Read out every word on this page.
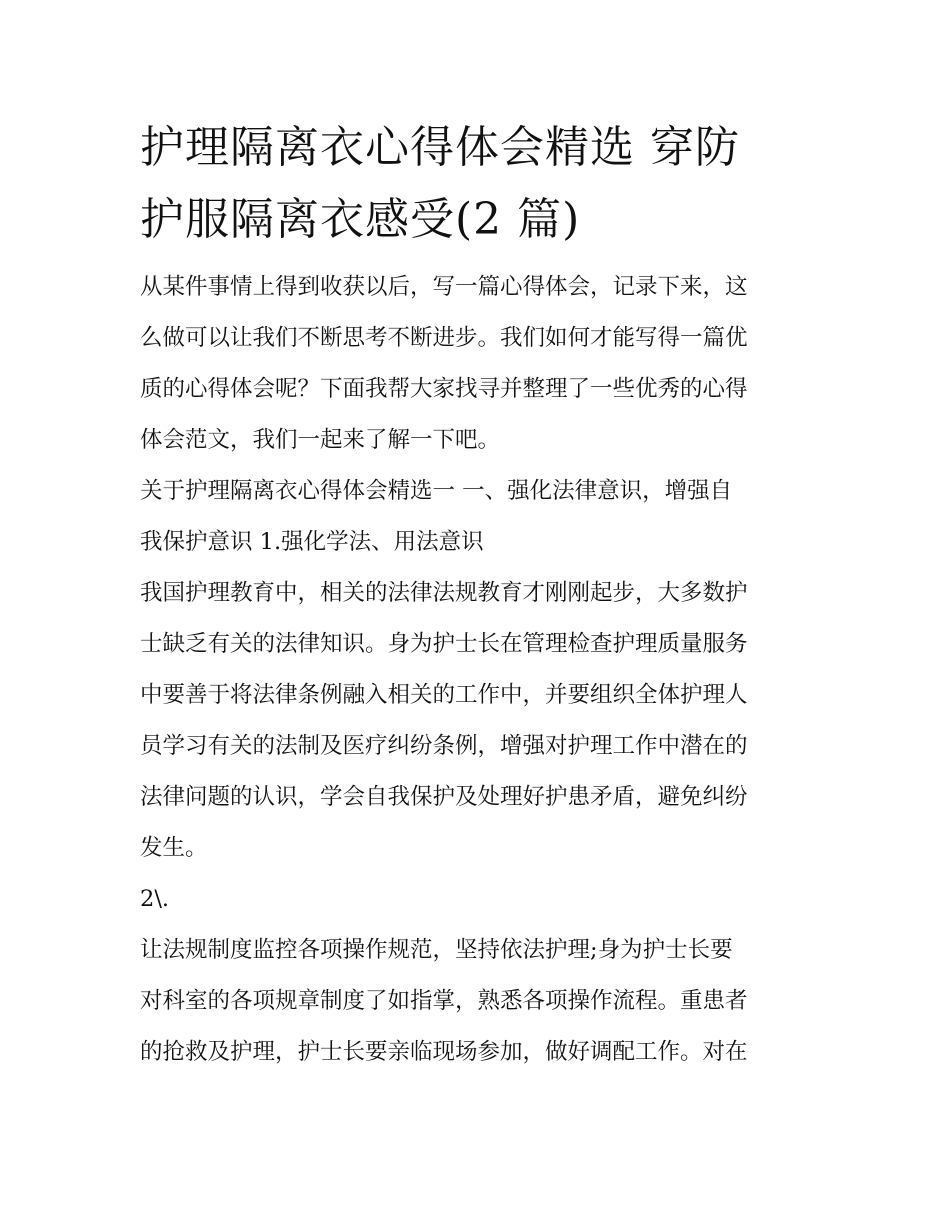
护理隔离衣心得体会精选 穿防
护服隔离衣感受(2 篇)

从某件事情上得到收获以后，写一篇心得体会，记录下来，这
么做可以让我们不断思考不断进步。我们如何才能写得一篇优
质的心得体会呢？下面我帮大家找寻并整理了一些优秀的心得
体会范文，我们一起来了解一下吧。

关于护理隔离衣心得体会精选一 一、强化法律意识，增强自
我保护意识 1.强化学法、用法意识

我国护理教育中，相关的法律法规教育才刚刚起步，大多数护
士缺乏有关的法律知识。身为护士长在管理检查护理质量服务
中要善于将法律条例融入相关的工作中，并要组织全体护理人
员学习有关的法制及医疗纠纷条例，增强对护理工作中潜在的
法律问题的认识，学会自我保护及处理好护患矛盾，避免纠纷
发生。

2\.

让法规制度监控各项操作规范，坚持依法护理;身为护士长要
对科室的各项规章制度了如指掌，熟悉各项操作流程。重患者
的抢救及护理，护士长要亲临现场参加，做好调配工作。对在
